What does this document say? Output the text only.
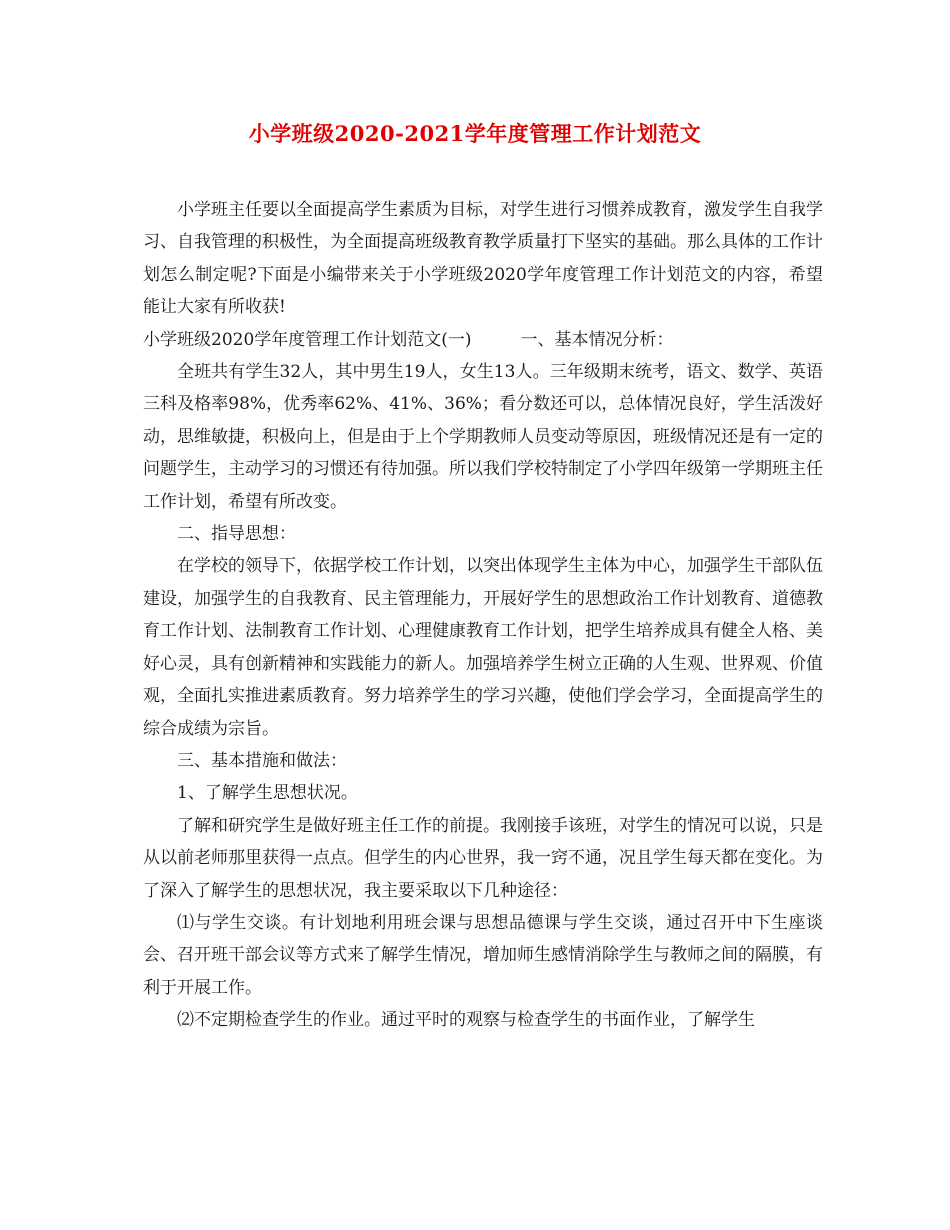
小学班级2020-2021学年度管理工作计划范文

小学班主任要以全面提高学生素质为目标，对学生进行习惯养成教育，激发学生自我学习、自我管理的积极性，为全面提高班级教育教学质量打下坚实的基础。那么具体的工作计划怎么制定呢?下面是小编带来关于小学班级2020学年度管理工作计划范文的内容，希望能让大家有所收获!

小学班级2020学年度管理工作计划范文(一)	一、基本情况分析：

全班共有学生32人，其中男生19人，女生13人。三年级期末统考，语文、数学、英语三科及格率98%，优秀率62%、41%、36%；看分数还可以，总体情况良好，学生活泼好动，思维敏捷，积极向上，但是由于上个学期教师人员变动等原因，班级情况还是有一定的问题学生，主动学习的习惯还有待加强。所以我们学校特制定了小学四年级第一学期班主任工作计划，希望有所改变。

二、指导思想：

在学校的领导下，依据学校工作计划，以突出体现学生主体为中心，加强学生干部队伍建设，加强学生的自我教育、民主管理能力，开展好学生的思想政治工作计划教育、道德教育工作计划、法制教育工作计划、心理健康教育工作计划，把学生培养成具有健全人格、美好心灵，具有创新精神和实践能力的新人。加强培养学生树立正确的人生观、世界观、价值观，全面扎实推进素质教育。努力培养学生的学习兴趣，使他们学会学习，全面提高学生的综合成绩为宗旨。

三、基本措施和做法：

1、了解学生思想状况。

了解和研究学生是做好班主任工作的前提。我刚接手该班，对学生的情况可以说，只是从以前老师那里获得一点点。但学生的内心世界，我一窍不通，况且学生每天都在变化。为了深入了解学生的思想状况，我主要采取以下几种途径：

⑴与学生交谈。有计划地利用班会课与思想品德课与学生交谈，通过召开中下生座谈会、召开班干部会议等方式来了解学生情况，增加师生感情消除学生与教师之间的隔膜，有利于开展工作。

⑵不定期检查学生的作业。通过平时的观察与检查学生的书面作业，了解学生
